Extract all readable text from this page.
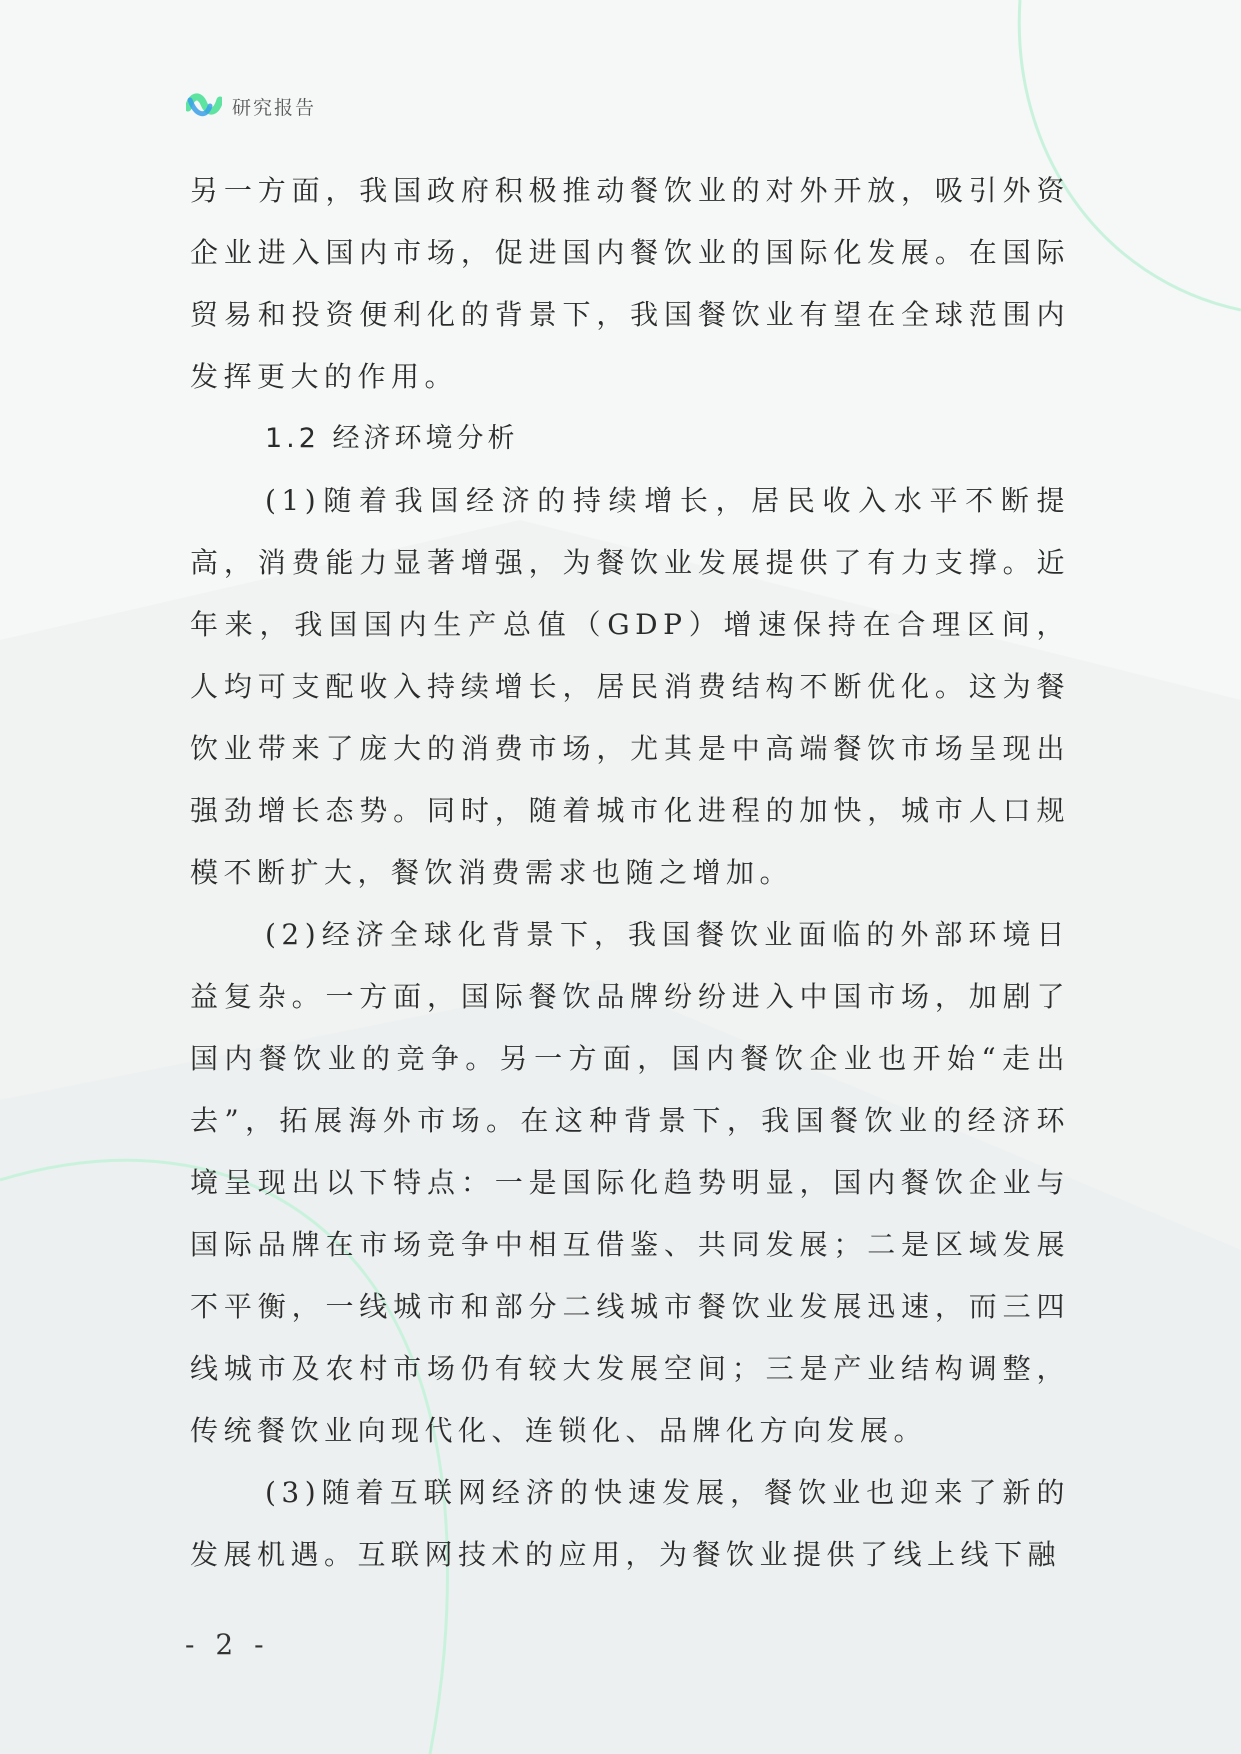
研究报告

另一方面，我国政府积极推动餐饮业的对外开放，吸引外资企业进入国内市场，促进国内餐饮业的国际化发展。在国际贸易和投资便利化的背景下，我国餐饮业有望在全球范围内发挥更大的作用。

1.2 经济环境分析

(1)随着我国经济的持续增长，居民收入水平不断提高，消费能力显著增强，为餐饮业发展提供了有力支撑。近年来，我国国内生产总值（GDP）增速保持在合理区间，人均可支配收入持续增长，居民消费结构不断优化。这为餐饮业带来了庞大的消费市场，尤其是中高端餐饮市场呈现出强劲增长态势。同时，随着城市化进程的加快，城市人口规模不断扩大，餐饮消费需求也随之增加。

(2)经济全球化背景下，我国餐饮业面临的外部环境日益复杂。一方面，国际餐饮品牌纷纷进入中国市场，加剧了国内餐饮业的竞争。另一方面，国内餐饮企业也开始“走出去”，拓展海外市场。在这种背景下，我国餐饮业的经济环境呈现出以下特点：一是国际化趋势明显，国内餐饮企业与国际品牌在市场竞争中相互借鉴、共同发展；二是区域发展不平衡，一线城市和部分二线城市餐饮业发展迅速，而三四线城市及农村市场仍有较大发展空间；三是产业结构调整，传统餐饮业向现代化、连锁化、品牌化方向发展。

(3)随着互联网经济的快速发展，餐饮业也迎来了新的发展机遇。互联网技术的应用，为餐饮业提供了线上线下融

- 2 -
